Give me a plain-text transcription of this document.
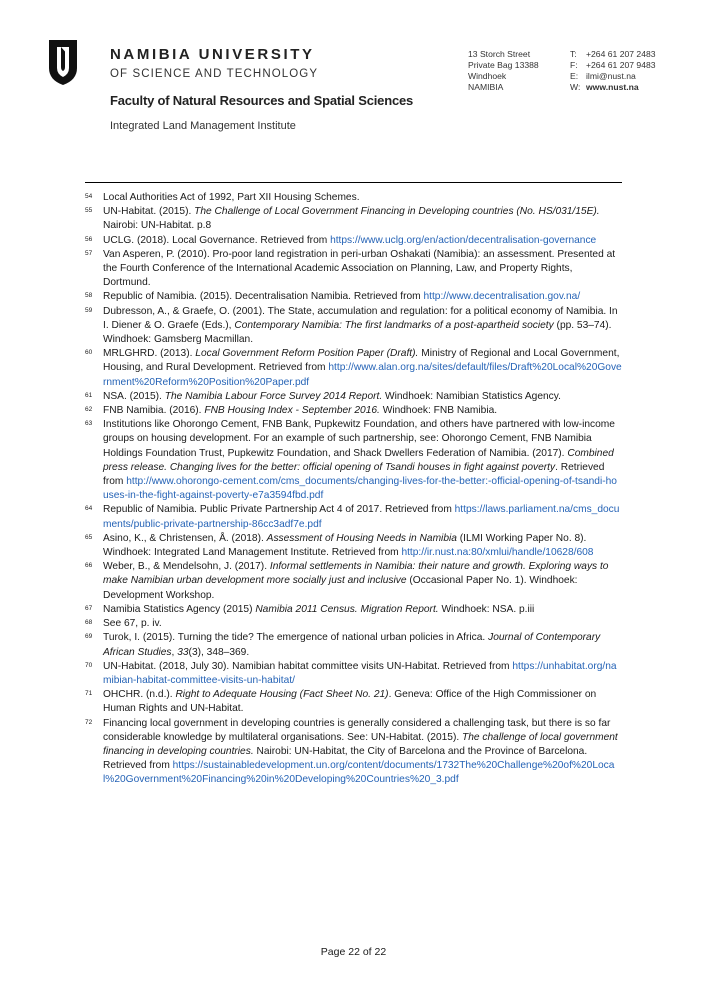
NAMIBIA UNIVERSITY
OF SCIENCE AND TECHNOLOGY
Faculty of Natural Resources and Spatial Sciences
Integrated Land Management Institute
13 Storch Street
Private Bag 13388
Windhoek
NAMIBIA
T: +264 61 207 2483
F: +264 61 207 9483
E: ilmi@nust.na
W: www.nust.na
54 Local Authorities Act of 1992, Part XII Housing Schemes.
55 UN-Habitat. (2015). The Challenge of Local Government Financing in Developing countries (No. HS/031/15E). Nairobi: UN-Habitat. p.8
56 UCLG. (2018). Local Governance. Retrieved from https://www.uclg.org/en/action/decentralisation-governance
57 Van Asperen, P. (2010). Pro-poor land registration in peri-urban Oshakati (Namibia): an assessment. Presented at the Fourth Conference of the International Academic Association on Planning, Law, and Property Rights, Dortmund.
58 Republic of Namibia. (2015). Decentralisation Namibia. Retrieved from http://www.decentralisation.gov.na/
59 Dubresson, A., & Graefe, O. (2001). The State, accumulation and regulation: for a political economy of Namibia. In I. Diener & O. Graefe (Eds.), Contemporary Namibia: The first landmarks of a post-apartheid society (pp. 53–74). Windhoek: Gamsberg Macmillan.
60 MRLGHRD. (2013). Local Government Reform Position Paper (Draft). Ministry of Regional and Local Government, Housing, and Rural Development. Retrieved from http://www.alan.org.na/sites/default/files/Draft%20Local%20Government%20Reform%20Position%20Paper.pdf
61 NSA. (2015). The Namibia Labour Force Survey 2014 Report. Windhoek: Namibian Statistics Agency.
62 FNB Namibia. (2016). FNB Housing Index - September 2016. Windhoek: FNB Namibia.
63 Institutions like Ohorongo Cement, FNB Bank, Pupkewitz Foundation, and others have partnered with low-income groups on housing development. For an example of such partnership, see: Ohorongo Cement, FNB Namibia Holdings Foundation Trust, Pupkewitz Foundation, and Shack Dwellers Federation of Namibia. (2017). Combined press release. Changing lives for the better: official opening of Tsandi houses in fight against poverty. Retrieved from http://www.ohorongo-cement.com/cms_documents/changing-lives-for-the-better:-official-opening-of-tsandi-houses-in-the-fight-against-poverty-e7a3594fbd.pdf
64 Republic of Namibia. Public Private Partnership Act 4 of 2017. Retrieved from https://laws.parliament.na/cms_documents/public-private-partnership-86cc3adf7e.pdf
65 Asino, K., & Christensen, Å. (2018). Assessment of Housing Needs in Namibia (ILMI Working Paper No. 8). Windhoek: Integrated Land Management Institute. Retrieved from http://ir.nust.na:80/xmlui/handle/10628/608
66 Weber, B., & Mendelsohn, J. (2017). Informal settlements in Namibia: their nature and growth. Exploring ways to make Namibian urban development more socially just and inclusive (Occasional Paper No. 1). Windhoek: Development Workshop.
67 Namibia Statistics Agency (2015) Namibia 2011 Census. Migration Report. Windhoek: NSA. p.iii
68 See 67, p. iv.
69 Turok, I. (2015). Turning the tide? The emergence of national urban policies in Africa. Journal of Contemporary African Studies, 33(3), 348–369.
70 UN-Habitat. (2018, July 30). Namibian habitat committee visits UN-Habitat. Retrieved from https://unhabitat.org/namibian-habitat-committee-visits-un-habitat/
71 OHCHR. (n.d.). Right to Adequate Housing (Fact Sheet No. 21). Geneva: Office of the High Commissioner on Human Rights and UN-Habitat.
72 Financing local government in developing countries is generally considered a challenging task, but there is so far considerable knowledge by multilateral organisations. See: UN-Habitat. (2015). The challenge of local government financing in developing countries. Nairobi: UN-Habitat, the City of Barcelona and the Province of Barcelona. Retrieved from https://sustainabledevelopment.un.org/content/documents/1732The%20Challenge%20of%20Local%20Government%20Financing%20in%20Developing%20Countries%20_3.pdf
Page 22 of 22
